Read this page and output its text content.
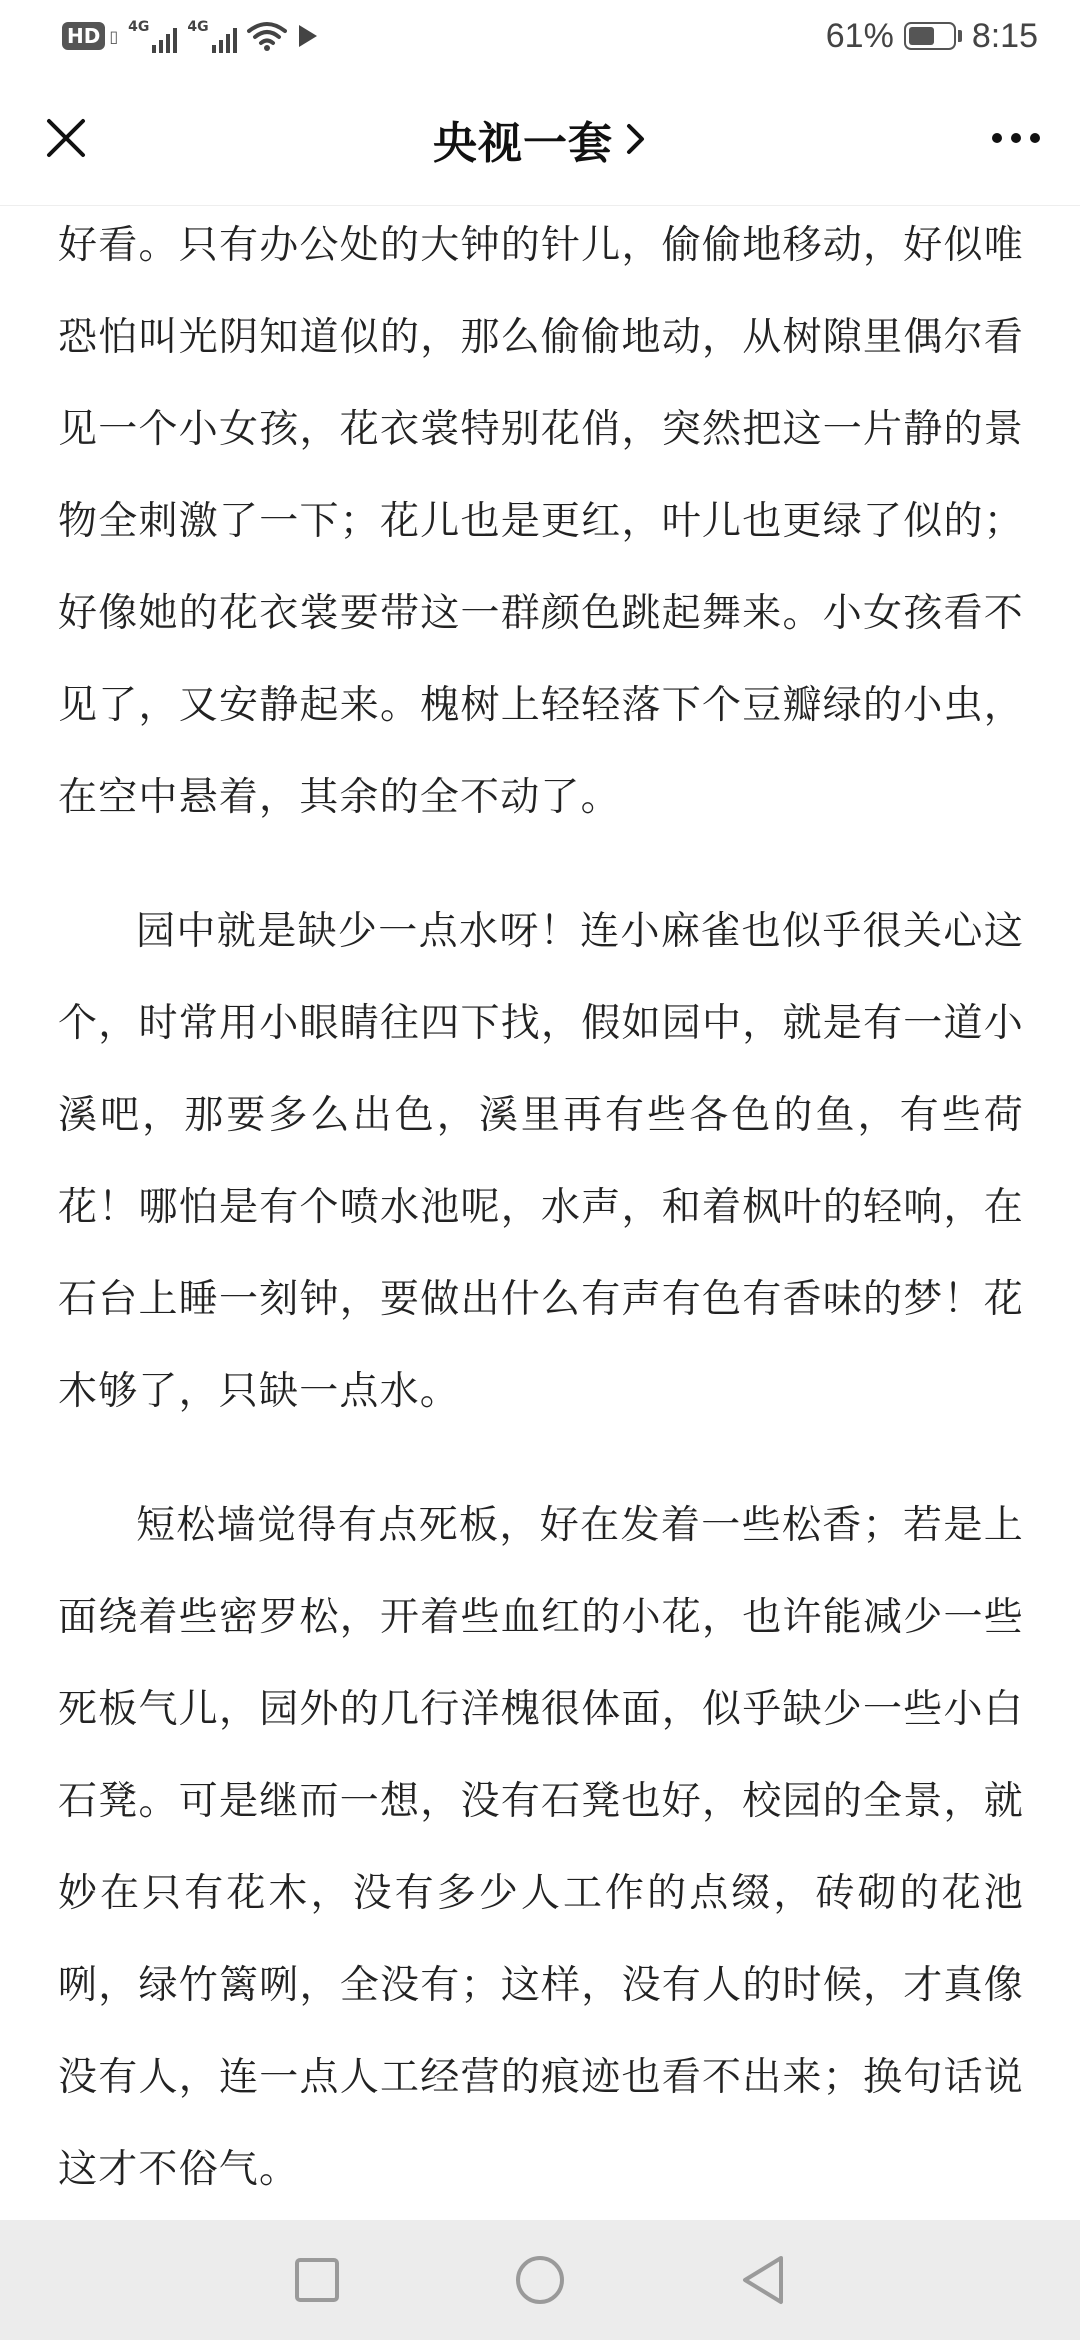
HD ▯ 4G	4G	61% 8:15
央视一套

好看。只有办公处的大钟的针儿，偷偷地移动，好似唯恐怕叫光阴知道似的，那么偷偷地动，从树隙里偶尔看见一个小女孩，花衣裳特别花俏，突然把这一片静的景物全刺激了一下；花儿也是更红，叶儿也更绿了似的；好像她的花衣裳要带这一群颜色跳起舞来。小女孩看不见了，又安静起来。槐树上轻轻落下个豆瓣绿的小虫，在空中悬着，其余的全不动了。

园中就是缺少一点水呀！连小麻雀也似乎很关心这个，时常用小眼睛往四下找，假如园中，就是有一道小溪吧，那要多么出色，溪里再有些各色的鱼，有些荷花！哪怕是有个喷水池呢，水声，和着枫叶的轻响，在石台上睡一刻钟，要做出什么有声有色有香味的梦！花木够了，只缺一点水。

短松墙觉得有点死板，好在发着一些松香；若是上面绕着些密罗松，开着些血红的小花，也许能减少一些死板气儿，园外的几行洋槐很体面，似乎缺少一些小白石凳。可是继而一想，没有石凳也好，校园的全景，就妙在只有花木，没有多少人工作的点缀，砖砌的花池咧，绿竹篱咧，全没有；这样，没有人的时候，才真像没有人，连一点人工经营的痕迹也看不出来；换句话说这才不俗气。
